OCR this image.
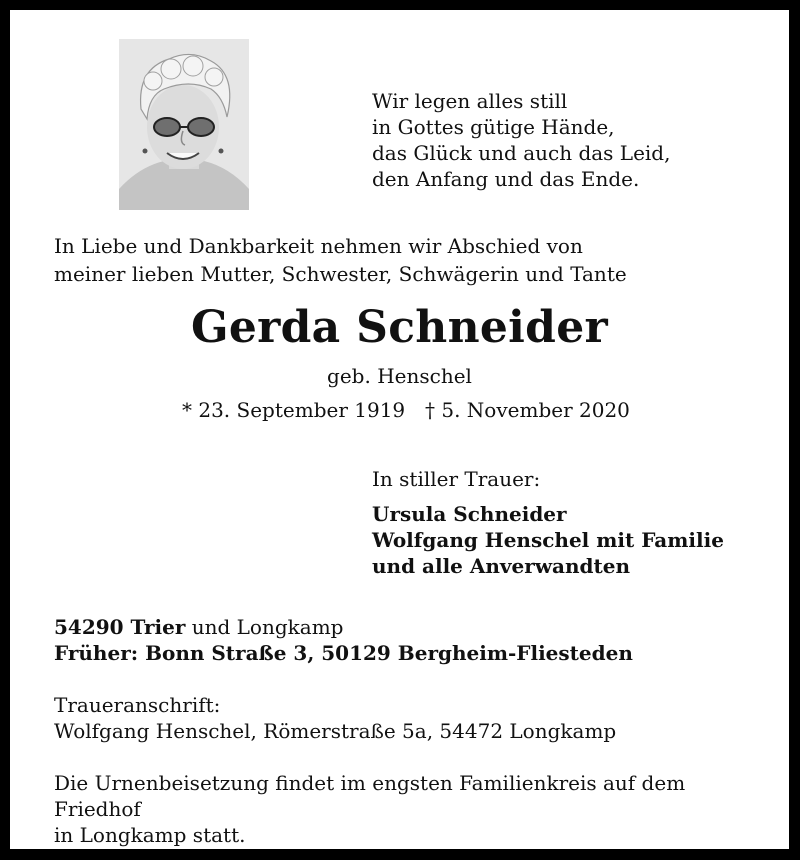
Wir legen alles still
in Gottes gütige Hände,
das Glück und auch das Leid,
den Anfang und das Ende.
In Liebe und Dankbarkeit nehmen wir Abschied von
meiner lieben Mutter, Schwester, Schwägerin und Tante
Gerda Schneider
geb. Henschel
* 23. September 1919 † 5. November 2020
In stiller Trauer:
Ursula Schneider
Wolfgang Henschel mit Familie
und alle Anverwandten
54290 Trier und Longkamp
Früher: Bonn Straße 3, 50129 Bergheim-Fliesteden
Traueranschrift:
Wolfgang Henschel, Römerstraße 5a, 54472 Longkamp
Die Urnenbeisetzung findet im engsten Familienkreis auf dem Friedhof
in Longkamp statt.
